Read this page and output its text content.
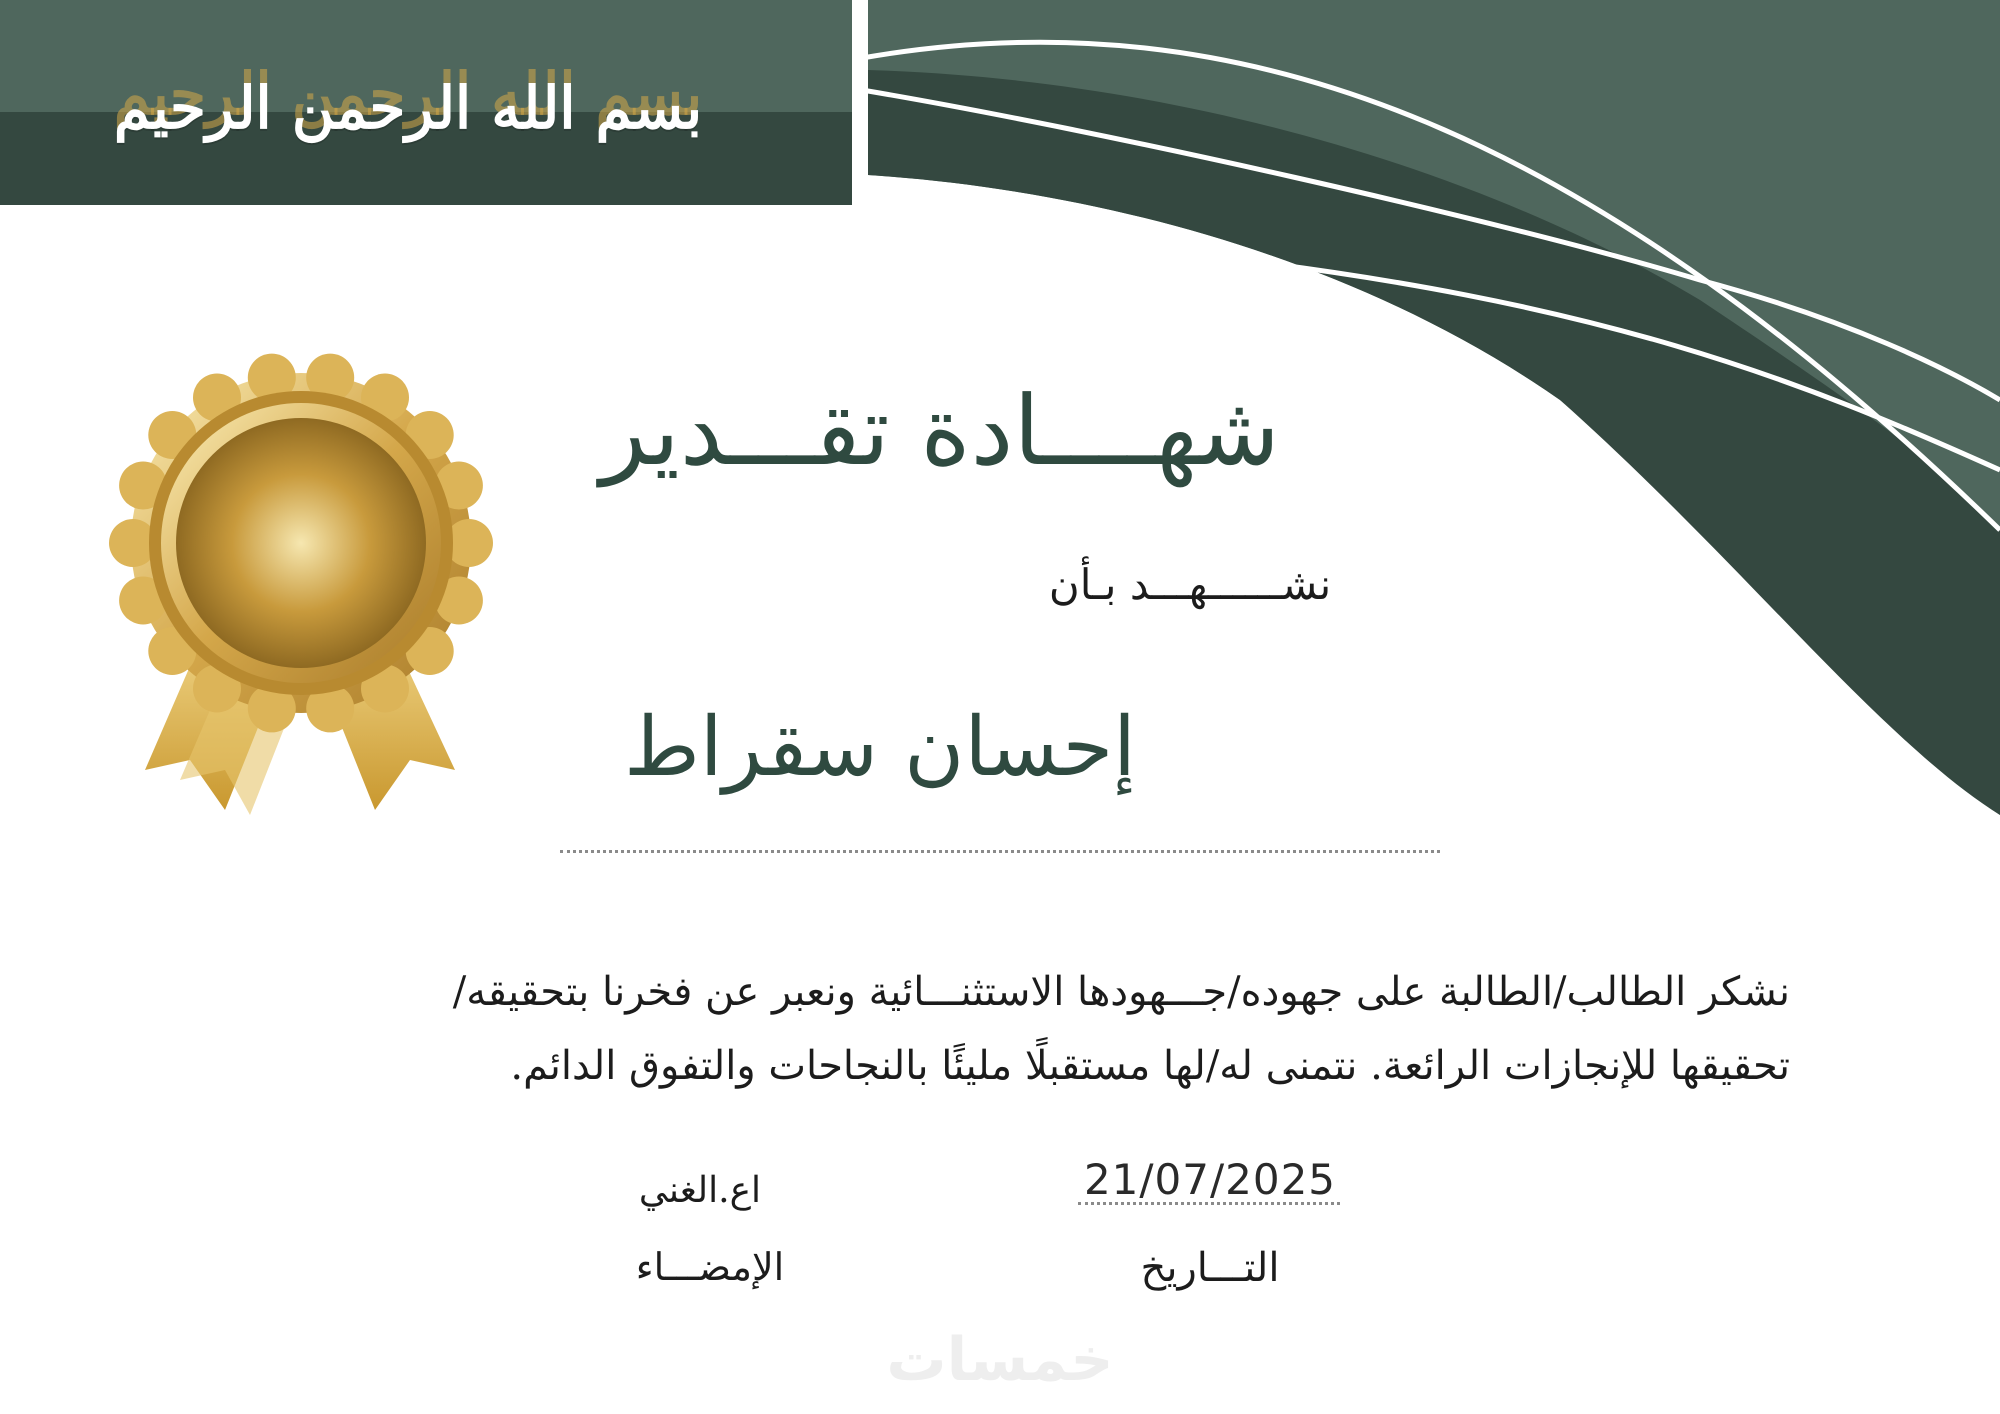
بسم الله الرحمن الرحيم
شهــــادة تقـــدير
نشــــــهـــد بـأن
إحسان سقراط
نشكر الطالب/الطالبة على جهوده/جـــهودها الاستثنـــائية ونعبر عن فخرنا بتحقيقه/
تحقيقها للإنجازات الرائعة. نتمنى له/لها مستقبلًا مليئًا بالنجاحات والتفوق الدائم.
21/07/2025
التـــاريخ
اع.الغني
الإمضـــاء
خمسات
